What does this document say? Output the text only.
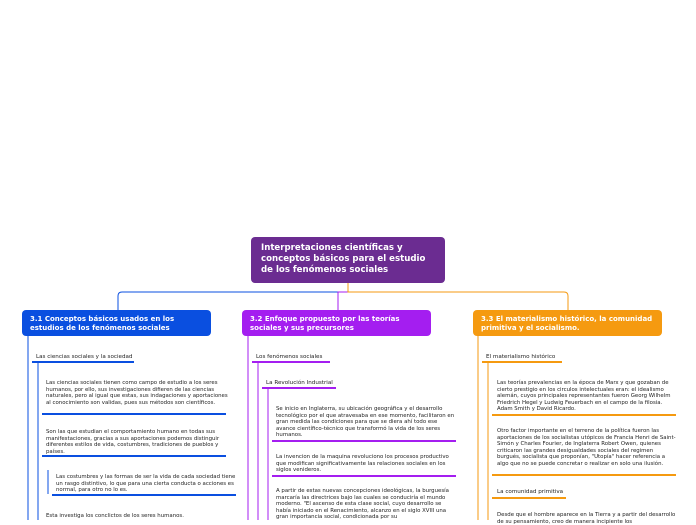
Interpretaciones científicas y conceptos básicos para el estudio de los fenómenos sociales
3.1 Conceptos básicos usados en los estudios de los fenómenos sociales
3.2 Enfoque propuesto por las teorías sociales y sus precursores
3.3 El materialismo histórico, la comunidad primitiva y el socialismo.
Las ciencias sociales y la sociedad
Las ciencias sociales tienen como campo de estudio a los seres humanos, por ello, sus investigaciones difieren de las ciencias naturales, pero al igual que estas, sus indagaciones y aportaciones al conocimiento son validas, pues sus métodos son científicos.
Son las que estudian el comportamiento humano en todas sus manifestaciones, gracias a sus aportaciones podemos distinguir diferentes estilos de vida, costumbres, tradiciones de pueblos y países.
Las costumbres y las formas de ser la vida de cada sociedad tiene un rasgo distintivo, lo que para una cierta conducta o acciones es normal, para otro no lo es.
Esta investiga los conclictos de los seres humanos.
Los fenómenos sociales
La Revolución Industrial
Se inicio en Inglaterra, su ubicación geográfica y el desarrollo tecnológico por el que atravesaba en ese momento, facilitaron en gran medida las condiciones para que se diera ahí todo ese avance científico-técnico que transformó la vida de los seres humanos.
La invencion de la maquina revoluciono los procesos productivo que modifican significativamente las relaciones sociales en los siglos venideros.
A partir de estas nuevas concepciones ideológicas, la burguesía marcaría las directrices bajo las cuales se conduciría el mundo moderno. "El ascenso de esta clase social, cuyo desarrollo se había iniciado en el Renacimiento, alcanzo en el siglo XVIII una gran importancia social, condicionada por su
El materialismo histórico
Las teorías prevalencias en la época de Marx y que gozaban de cierto prestigio en los circulos intelectuales eran: el idealismo alemán, cuyos principales representantes fueron Georg Wilhelm Friedrich Hegel y Ludwig Feuerbach en el campo de la filosia. Adam Smith y David Ricardo.
Otro factor importante en el terreno de la política fueron las aportaciones de los socialistas utópicos de Francia Henri de Saint-Simón y Charles Fourier, de Inglaterra Robert Owen, quienes criticaron las grandes desigualdades sociales del regimen burgués, socialista que proponían, "Utopía" hacer referencia a algo que no se puede concretar o realizar en solo una ilusión.
La comunidad primitiva
Desde que el hombre aparece en la Tierra y a partir del desarrollo de su pensamiento, creo de manera incipiente los
